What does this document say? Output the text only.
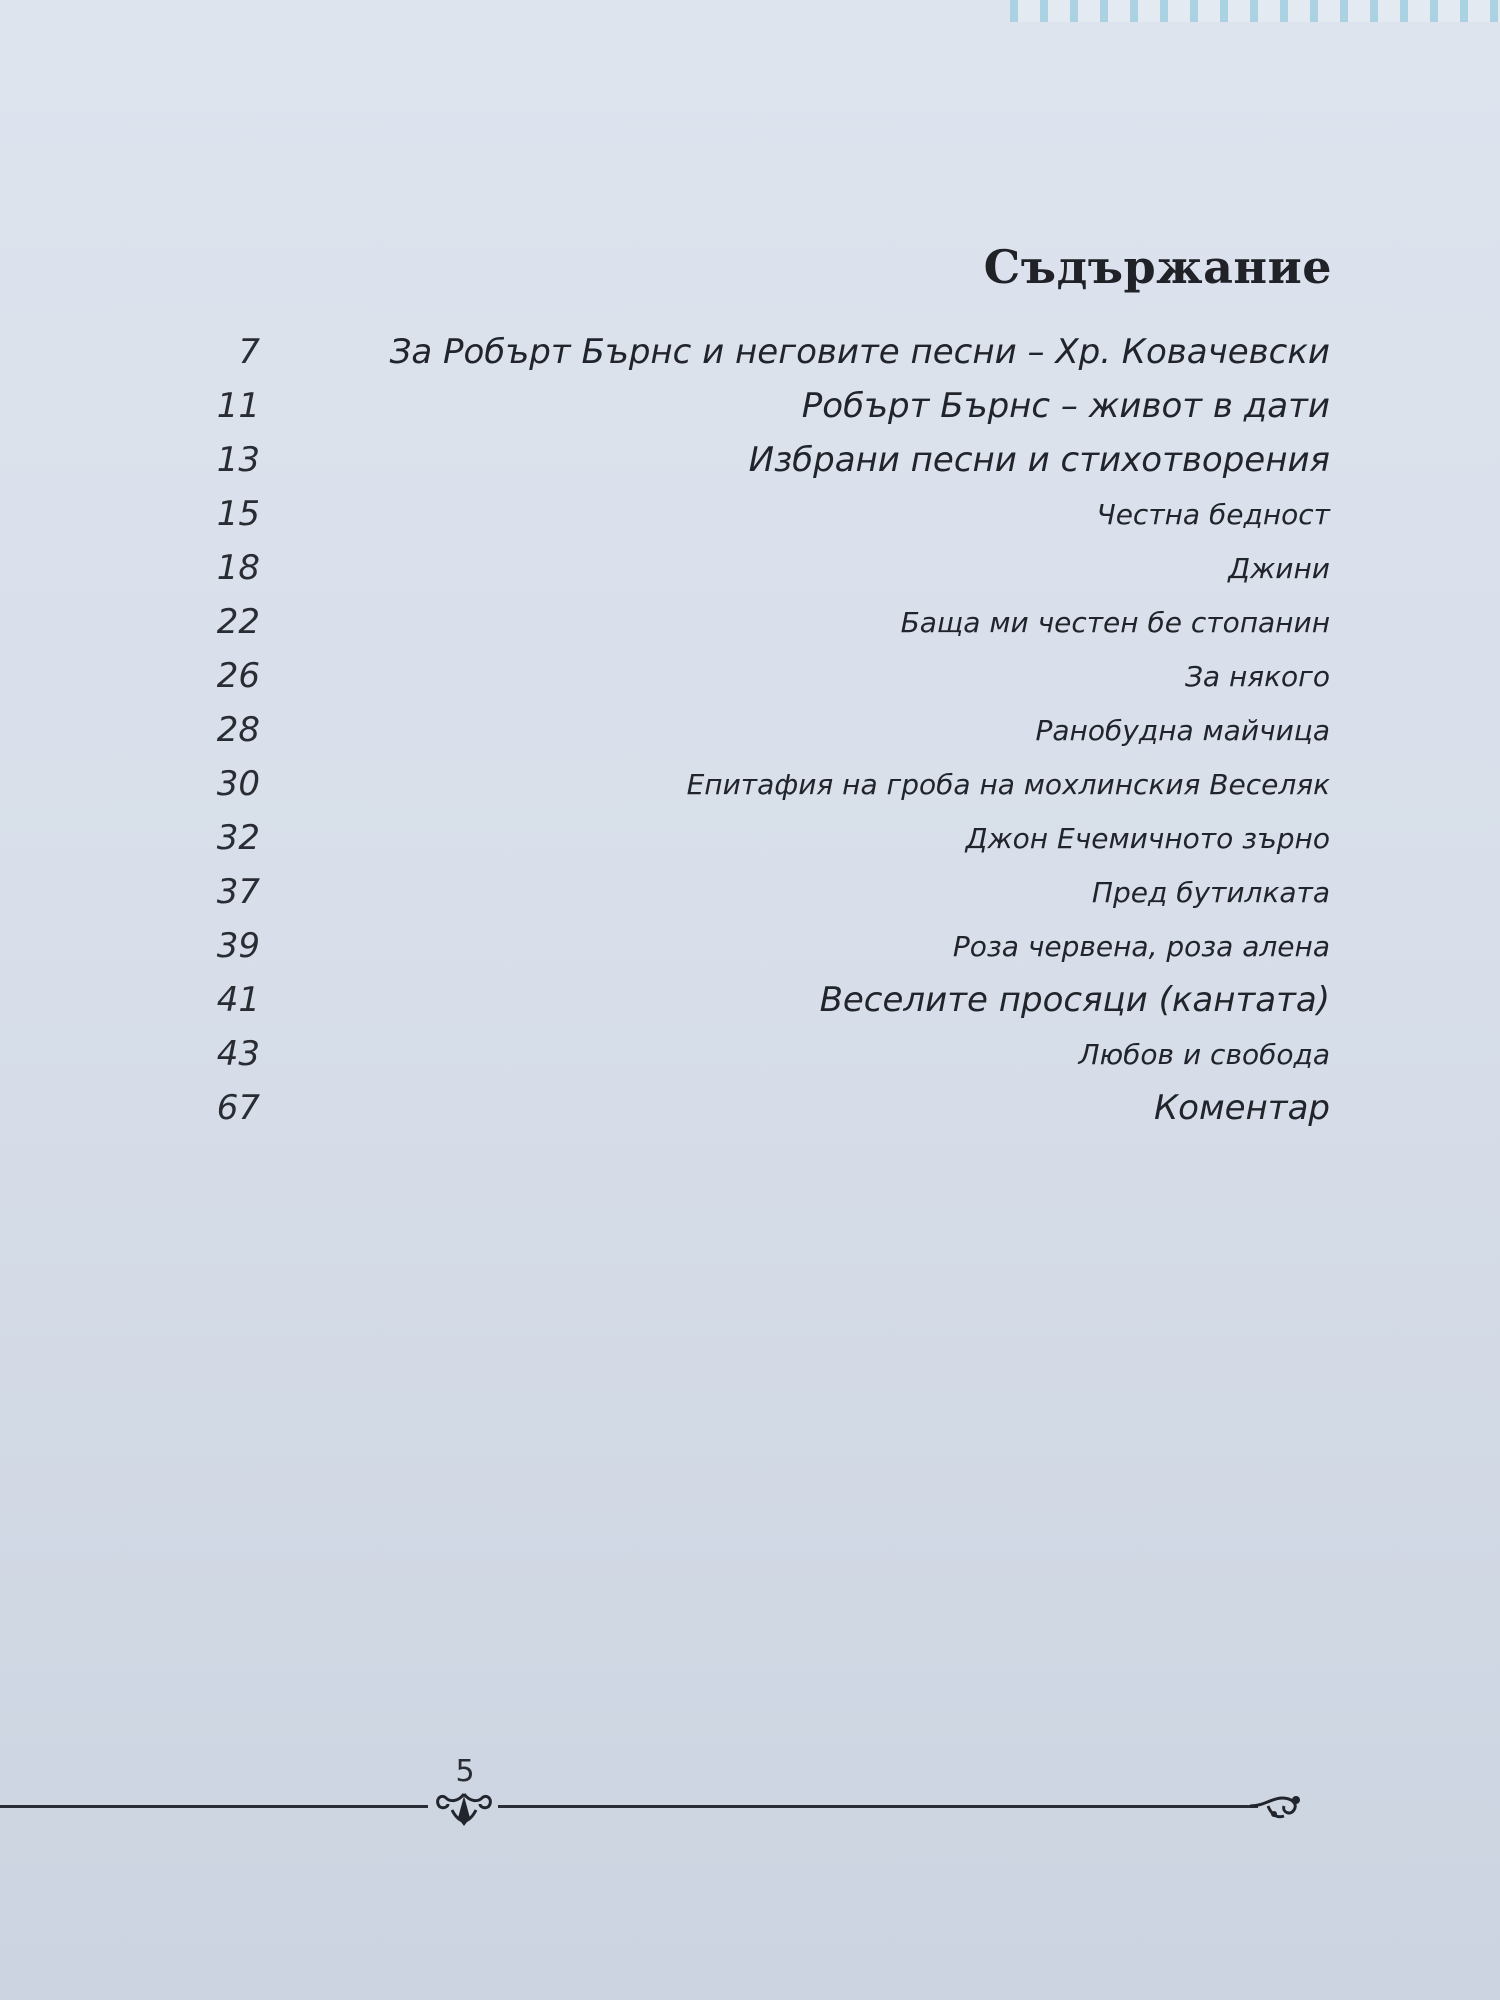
Съдържание
7	За Робърт Бърнс и неговите песни – Хр. Ковачевски
11	Робърт Бърнс – живот в дати
13	Избрани песни и стихотворения
15	Честна бедност
18	Джини
22	Баща ми честен бе стопанин
26	За някого
28	Ранобудна майчица
30	Епитафия на гроба на мохлинския Веселяк
32	Джон Ечемичното зърно
37	Пред бутилката
39	Роза червена, роза алена
41	Веселите просяци (кантата)
43	Любов и свобода
67	Коментар
5
